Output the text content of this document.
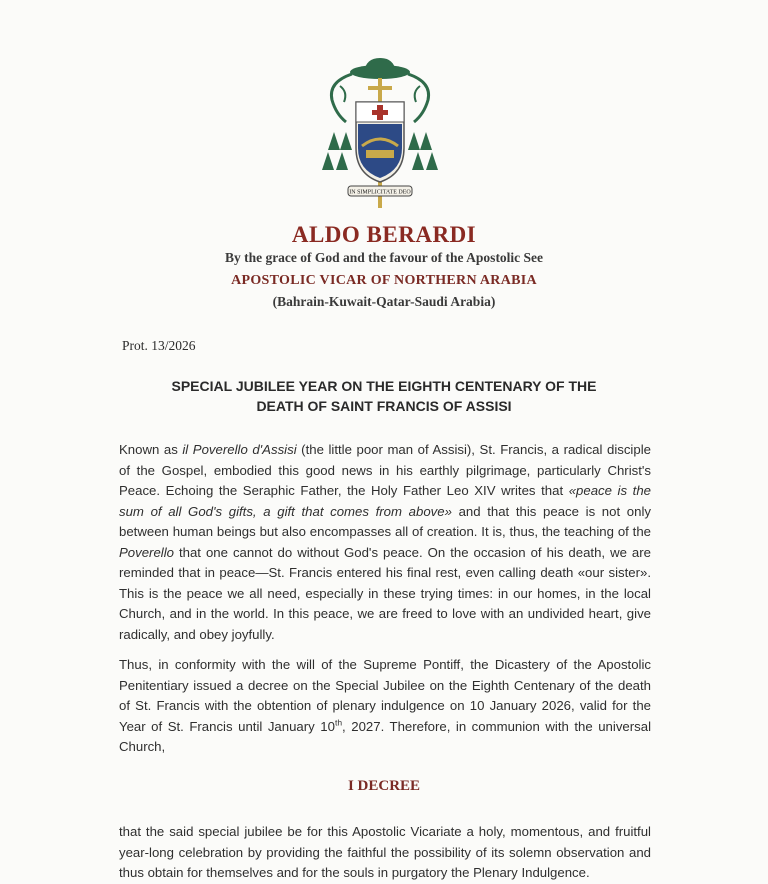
IN SIMPLICITATE DEO
ALDO BERARDI
By the grace of God and the favour of the Apostolic See
APOSTOLIC VICAR OF NORTHERN ARABIA
(Bahrain-Kuwait-Qatar-Saudi Arabia)
Prot. 13/2026
SPECIAL JUBILEE YEAR ON THE EIGHTH CENTENARY OF THE
DEATH OF SAINT FRANCIS OF ASSISI
Known as il Poverello d'Assisi (the little poor man of Assisi), St. Francis, a radical disciple of the Gospel, embodied this good news in his earthly pilgrimage, particularly Christ's Peace. Echoing the Seraphic Father, the Holy Father Leo XIV writes that «peace is the sum of all God's gifts, a gift that comes from above» and that this peace is not only between human beings but also encompasses all of creation. It is, thus, the teaching of the Poverello that one cannot do without God's peace. On the occasion of his death, we are reminded that in peace—St. Francis entered his final rest, even calling death «our sister». This is the peace we all need, especially in these trying times: in our homes, in the local Church, and in the world. In this peace, we are freed to love with an undivided heart, give radically, and obey joyfully.
Thus, in conformity with the will of the Supreme Pontiff, the Dicastery of the Apostolic Penitentiary issued a decree on the Special Jubilee on the Eighth Centenary of the death of St. Francis with the obtention of plenary indulgence on 10 January 2026, valid for the Year of St. Francis until January 10th, 2027. Therefore, in communion with the universal Church,
I DECREE
that the said special jubilee be for this Apostolic Vicariate a holy, momentous, and fruitful year-long celebration by providing the faithful the possibility of its solemn observation and thus obtain for themselves and for the souls in purgatory the Plenary Indulgence.
